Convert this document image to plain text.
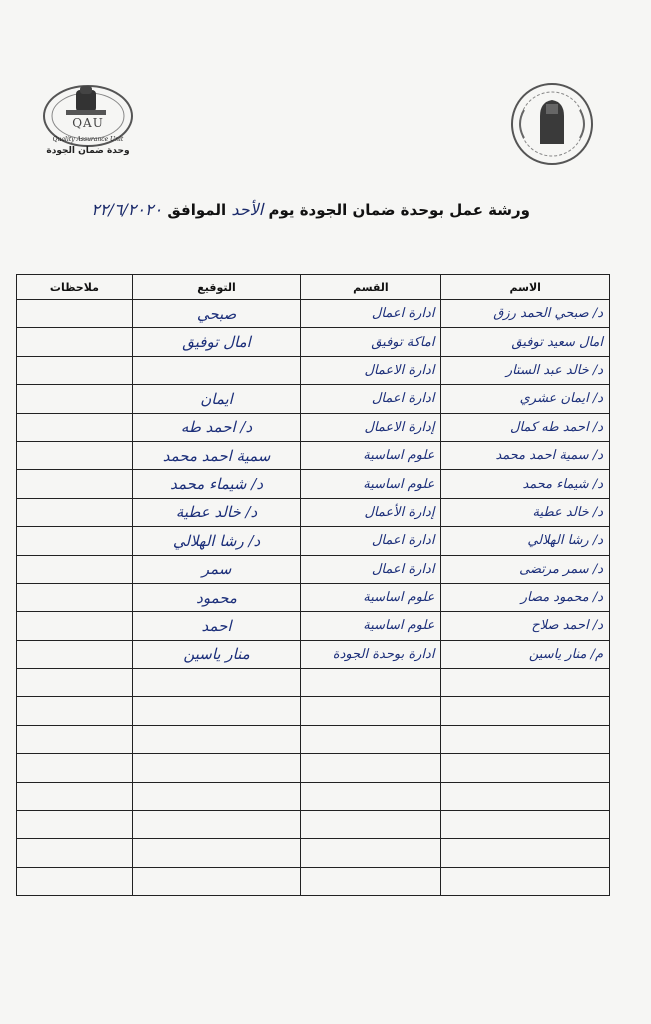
QAU
Quality Assurance Unit
وحدة ضمان الجودة
ورشة عمل بوحدة ضمان الجودة يوم الأحد الموافق ٢٢/٦/٢٠٢٠
الاسم	القسم	التوقيع	ملاحظات
د/ صبحي الحمد رزق	ادارة اعمال	صبحي	
امال سعيد توفيق	اماكة توفيق	امال توفيق	
د/ خالد عبد الستار	ادارة الاعمال		
د/ ايمان عشري	ادارة اعمال	ايمان	
د/ احمد طه كمال	إدارة الاعمال	د/ احمد طه	
د/ سمية احمد محمد	علوم اساسية	سمية احمد محمد	
د/ شيماء محمد	علوم اساسية	د/ شيماء محمد	
د/ خالد عطية	إدارة الأعمال	د/ خالد عطية	
د/ رشا الهلالي	ادارة اعمال	د/ رشا الهلالي	
د/ سمر مرتضى	ادارة اعمال	سمر	
د/ محمود مصار	علوم اساسية	محمود	
د/ احمد صلاح	علوم اساسية	احمد	
م/ منار ياسين	ادارة بوحدة الجودة	منار ياسين	
